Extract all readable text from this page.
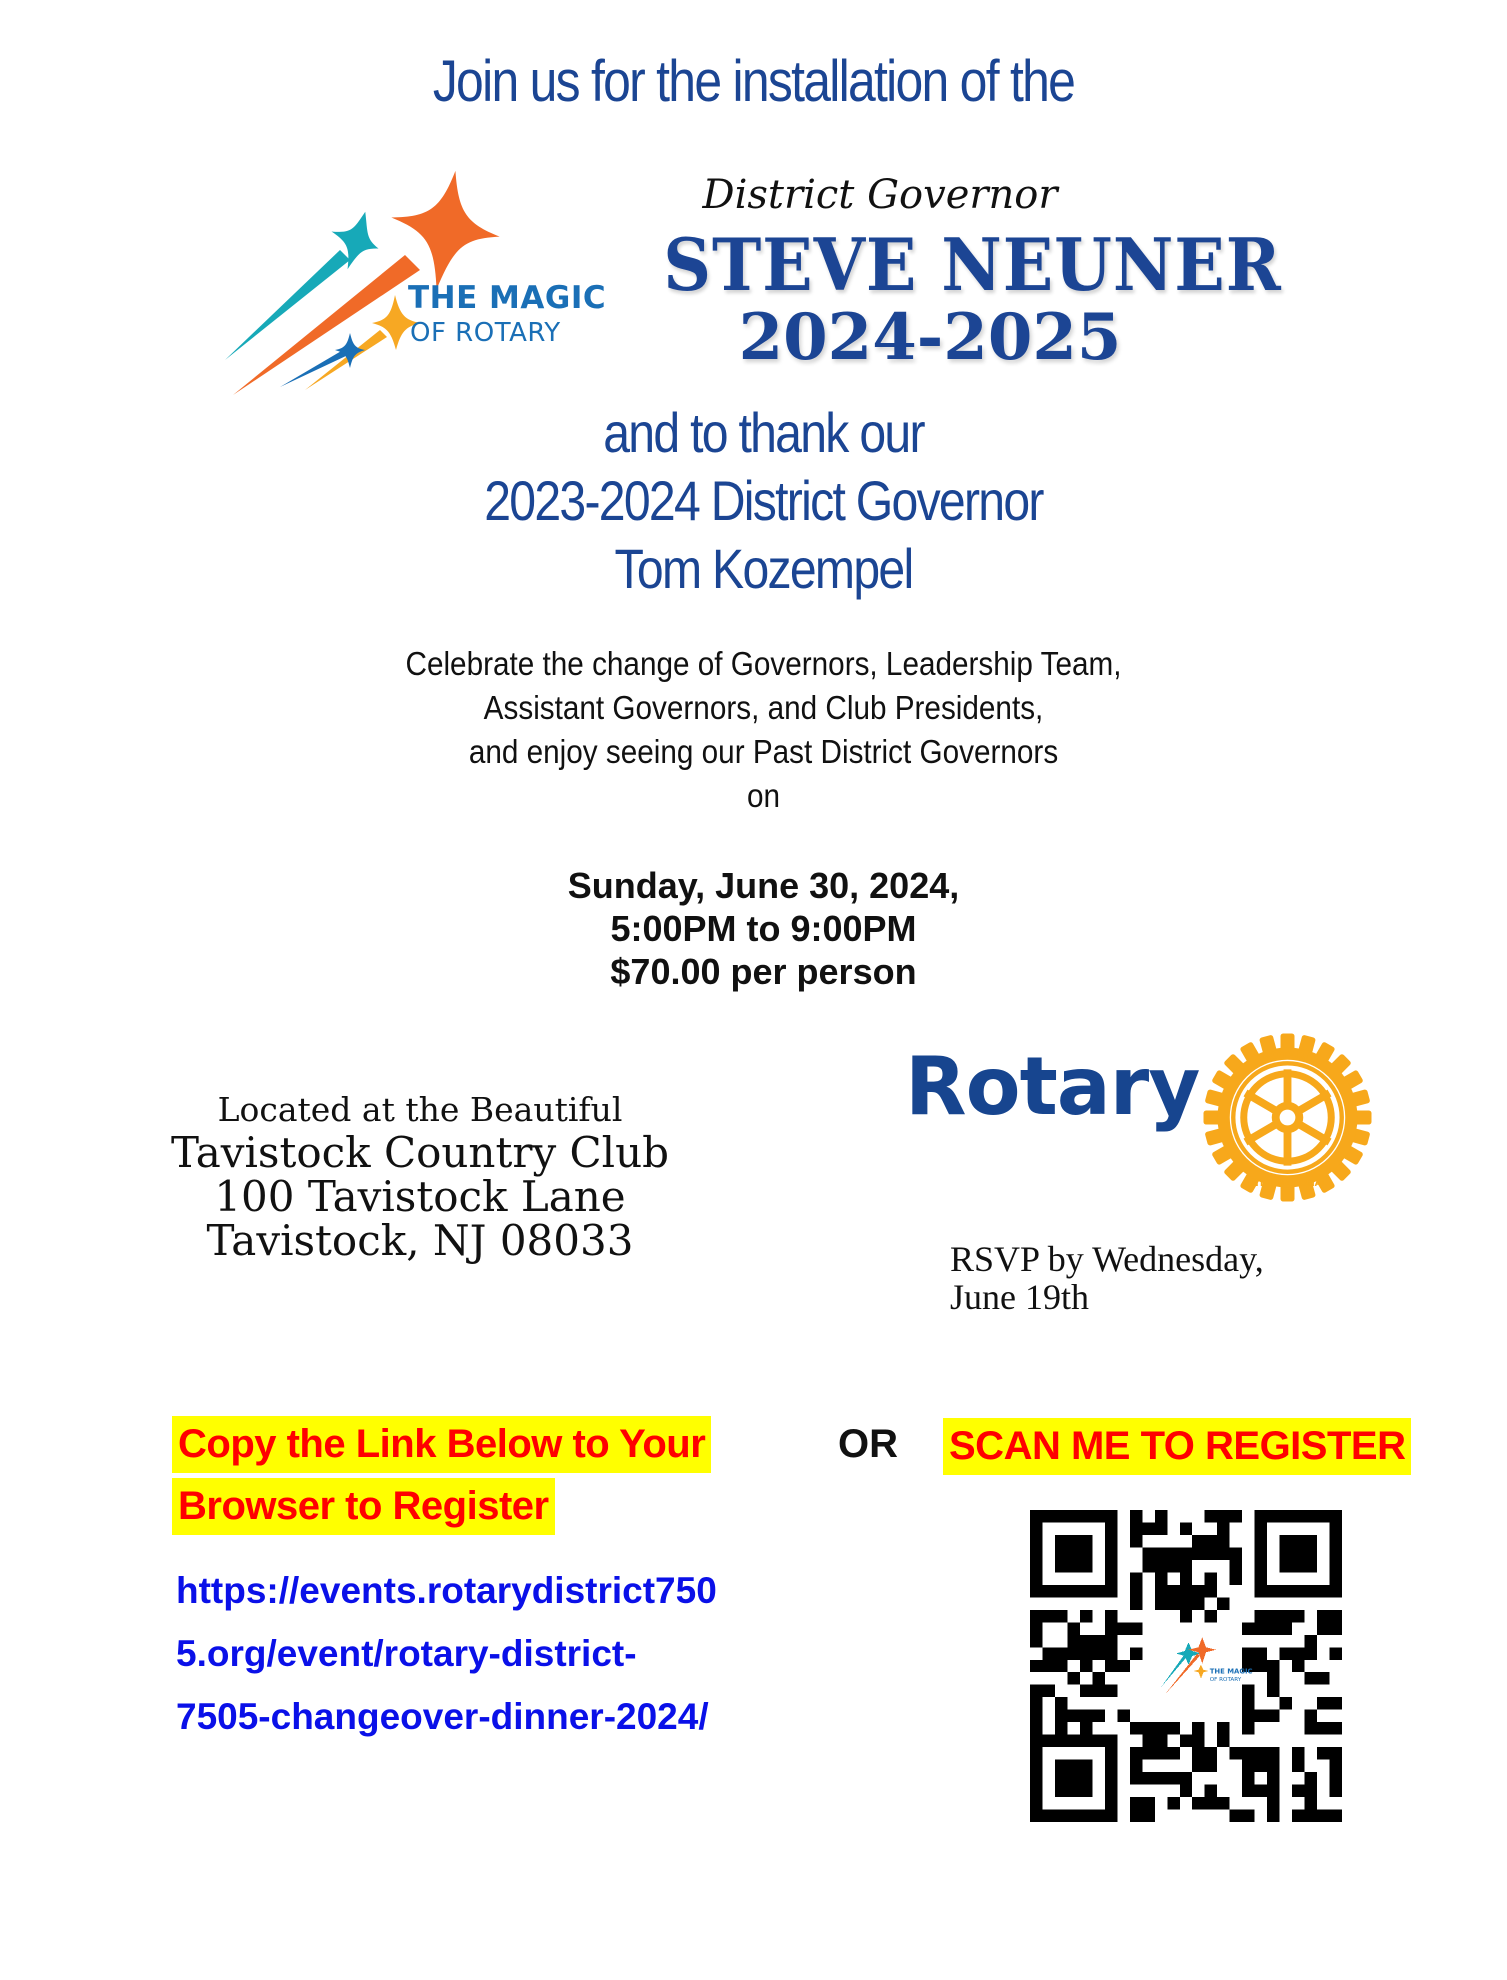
Join us for the installation of the
THE MAGIC
OF ROTARY
District Governor
STEVE NEUNER
2024-2025
and to thank our
2023-2024 District Governor
Tom Kozempel
Celebrate the change of Governors, Leadership Team,
Assistant Governors, and Club Presidents,
and enjoy seeing our Past District Governors
on
Sunday, June 30, 2024,
5:00PM to 9:00PM
$70.00 per person
Located at the Beautiful
Tavistock Country Club
100 Tavistock Lane
Tavistock, NJ 08033
Rotary	ROTARY
INTERNATIONAL
RSVP by Wednesday,
June 19th
Copy the Link Below to Your
Browser to Register
OR SCAN ME TO REGISTER
https://events.rotarydistrict750
5.org/event/rotary-district-
7505-changeover-dinner-2024/
